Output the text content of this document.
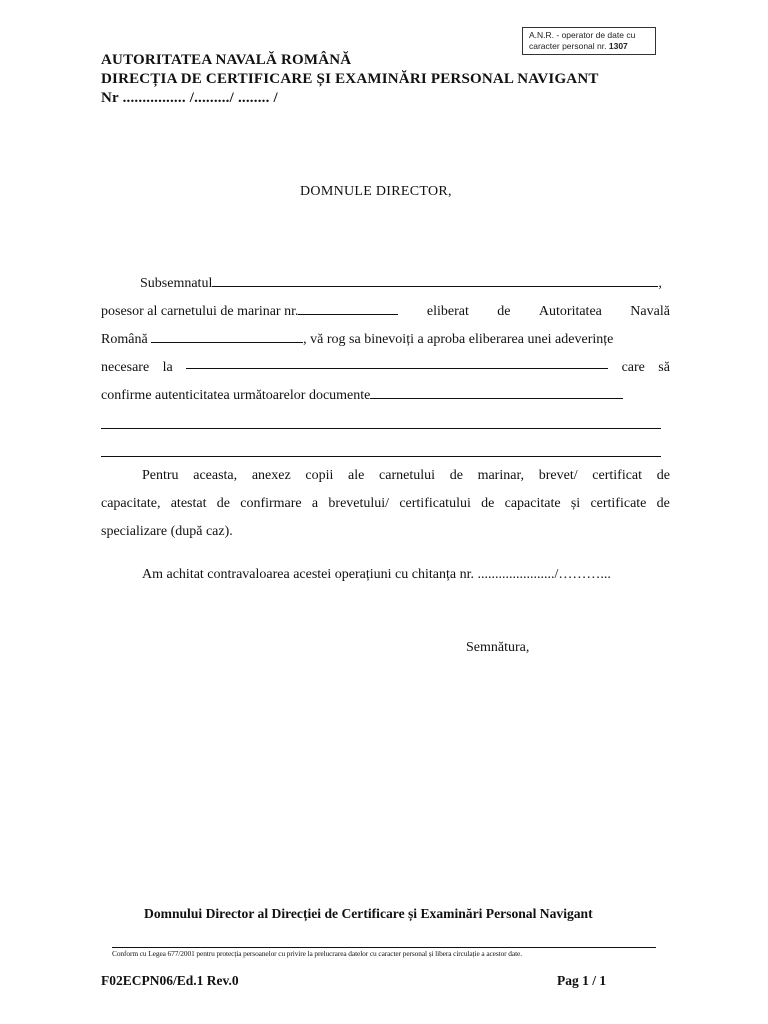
A.N.R. - operator de date cu
caracter personal nr. 1307
AUTORITATEA NAVALĂ ROMÂNĂ
DIRECȚIA DE CERTIFICARE ȘI EXAMINĂRI PERSONAL NAVIGANT
Nr ................ /........./ ........ /
DOMNULE DIRECTOR,
Subsemnatul	,
posesor al carnetului de marinar nr.	eliberat de Autoritatea Navală
Română	, vă rog sa binevoiți a aproba eliberarea unei adeverințe
necesare la	care să
confirme autenticitatea următoarelor documente
Pentru aceasta, anexez copii ale carnetului de marinar, brevet/ certificat de
capacitate, atestat de confirmare a brevetului/ certificatului de capacitate și certificate de
specializare (după caz).
Am achitat contravaloarea acestei operațiuni cu chitanța nr. ....................../………...
Semnătura,
Domnului Director al Direcției de Certificare și Examinări Personal Navigant
Conform cu Legea 677/2001 pentru protecția persoanelor cu privire la prelucrarea datelor cu caracter personal și libera circulație a acestor date.
F02ECPN06/Ed.1 Rev.0	Pag 1 / 1
